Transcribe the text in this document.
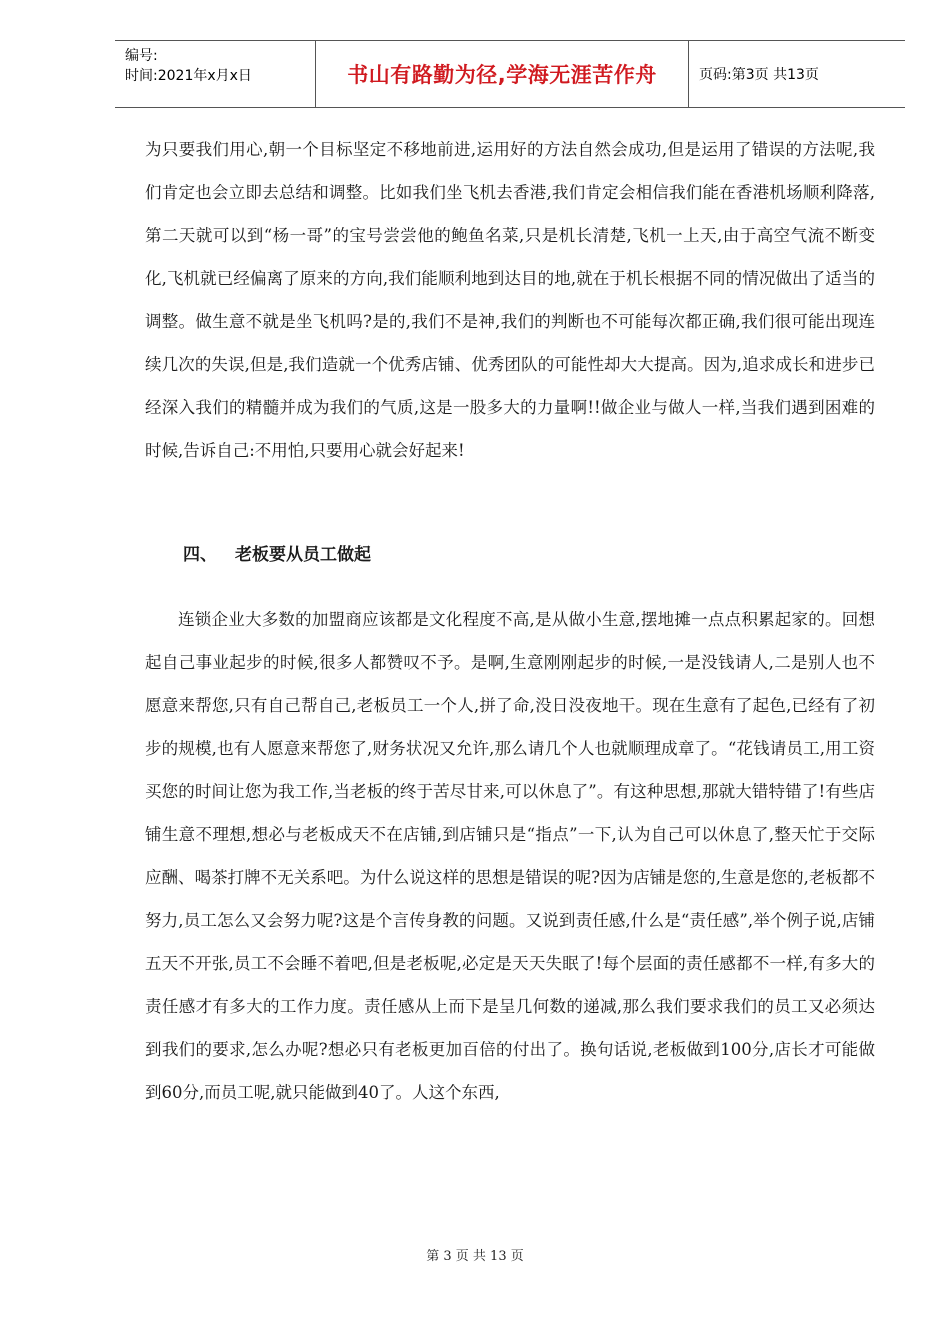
编号:
时间:2021年x月x日	书山有路勤为径,学海无涯苦作舟	页码:第3页 共13页

为只要我们用心,朝一个目标坚定不移地前进,运用好的方法自然会成功,但是运用了错误的方法呢,我们肯定也会立即去总结和调整。比如我们坐飞机去香港,我们肯定会相信我们能在香港机场顺利降落,第二天就可以到“杨一哥”的宝号尝尝他的鲍鱼名菜,只是机长清楚,飞机一上天,由于高空气流不断变化,飞机就已经偏离了原来的方向,我们能顺利地到达目的地,就在于机长根据不同的情况做出了适当的调整。做生意不就是坐飞机吗?是的,我们不是神,我们的判断也不可能每次都正确,我们很可能出现连续几次的失误,但是,我们造就一个优秀店铺、优秀团队的可能性却大大提高。因为,追求成长和进步已经深入我们的精髓并成为我们的气质,这是一股多大的力量啊!!做企业与做人一样,当我们遇到困难的时候,告诉自己:不用怕,只要用心就会好起来!

四、 老板要从员工做起

连锁企业大多数的加盟商应该都是文化程度不高,是从做小生意,摆地摊一点点积累起家的。回想起自己事业起步的时候,很多人都赞叹不予。是啊,生意刚刚起步的时候,一是没钱请人,二是别人也不愿意来帮您,只有自己帮自己,老板员工一个人,拼了命,没日没夜地干。现在生意有了起色,已经有了初步的规模,也有人愿意来帮您了,财务状况又允许,那么请几个人也就顺理成章了。“花钱请员工,用工资买您的时间让您为我工作,当老板的终于苦尽甘来,可以休息了”。有这种思想,那就大错特错了!有些店铺生意不理想,想必与老板成天不在店铺,到店铺只是“指点”一下,认为自己可以休息了,整天忙于交际应酬、喝茶打牌不无关系吧。为什么说这样的思想是错误的呢?因为店铺是您的,生意是您的,老板都不努力,员工怎么又会努力呢?这是个言传身教的问题。又说到责任感,什么是“责任感”,举个例子说,店铺五天不开张,员工不会睡不着吧,但是老板呢,必定是天天失眠了!每个层面的责任感都不一样,有多大的责任感才有多大的工作力度。责任感从上而下是呈几何数的递减,那么我们要求我们的员工又必须达到我们的要求,怎么办呢?想必只有老板更加百倍的付出了。换句话说,老板做到100分,店长才可能做到60分,而员工呢,就只能做到40了。人这个东西,

第 3 页 共 13 页
